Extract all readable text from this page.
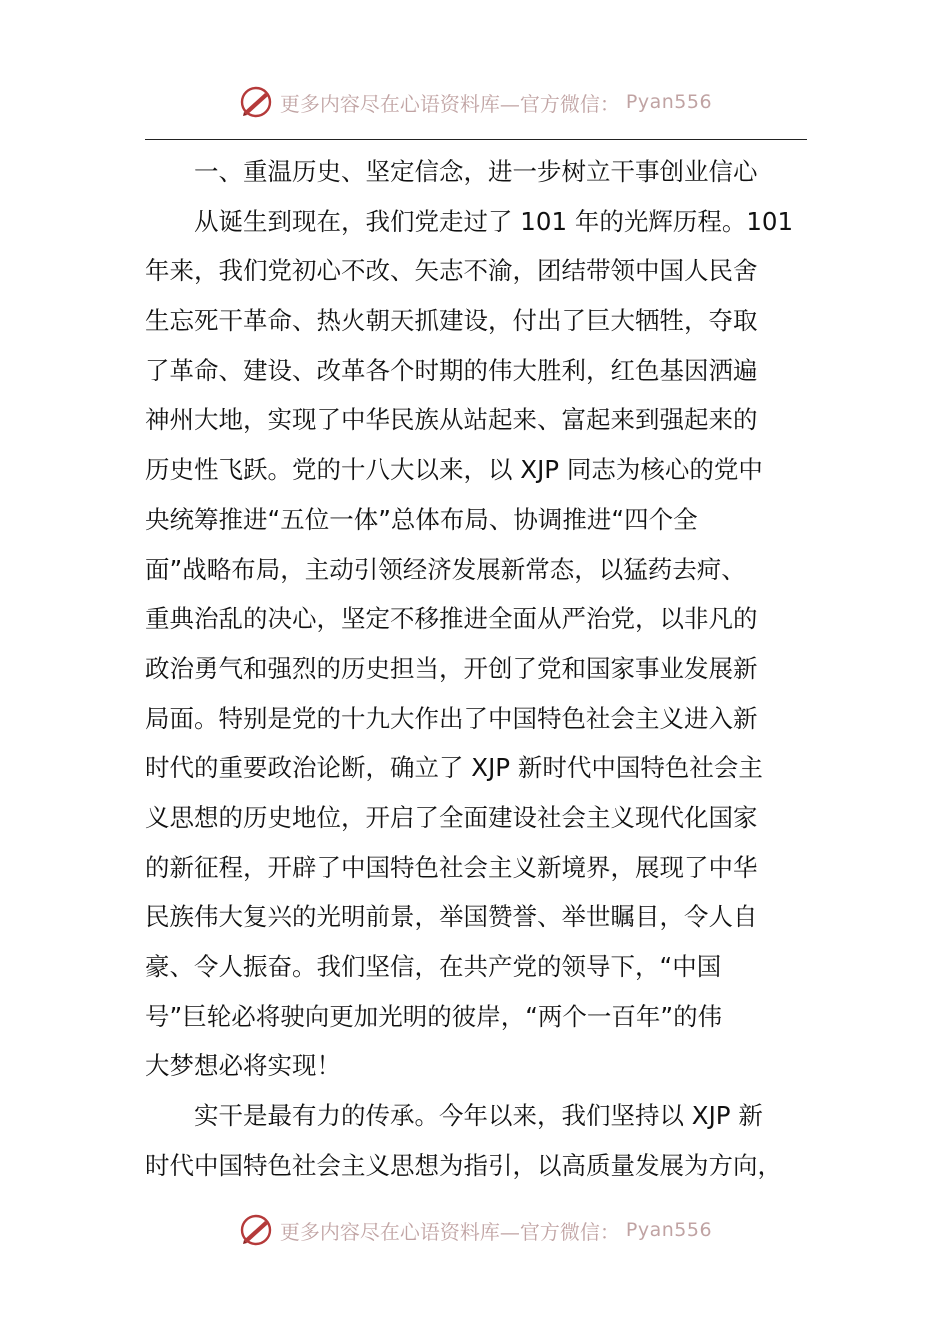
更多内容尽在心语资料库—官方微信： Pyan556
一、重温历史、坚定信念，进一步树立干事创业信心
从诞生到现在，我们党走过了 101 年的光辉历程。101
年来，我们党初心不改、矢志不渝，团结带领中国人民舍
生忘死干革命、热火朝天抓建设，付出了巨大牺牲，夺取
了革命、建设、改革各个时期的伟大胜利，红色基因洒遍
神州大地，实现了中华民族从站起来、富起来到强起来的
历史性飞跃。党的十八大以来，以 XJP 同志为核心的党中
央统筹推进“五位一体”总体布局、协调推进“四个全
面”战略布局，主动引领经济发展新常态，以猛药去疴、
重典治乱的决心，坚定不移推进全面从严治党，以非凡的
政治勇气和强烈的历史担当，开创了党和国家事业发展新
局面。特别是党的十九大作出了中国特色社会主义进入新
时代的重要政治论断，确立了 XJP 新时代中国特色社会主
义思想的历史地位，开启了全面建设社会主义现代化国家
的新征程，开辟了中国特色社会主义新境界，展现了中华
民族伟大复兴的光明前景，举国赞誉、举世瞩目，令人自
豪、令人振奋。我们坚信，在共产党的领导下，“中国
号”巨轮必将驶向更加光明的彼岸，“两个一百年”的伟
大梦想必将实现！
实干是最有力的传承。今年以来，我们坚持以 XJP 新
时代中国特色社会主义思想为指引，以高质量发展为方向，
更多内容尽在心语资料库—官方微信： Pyan556
